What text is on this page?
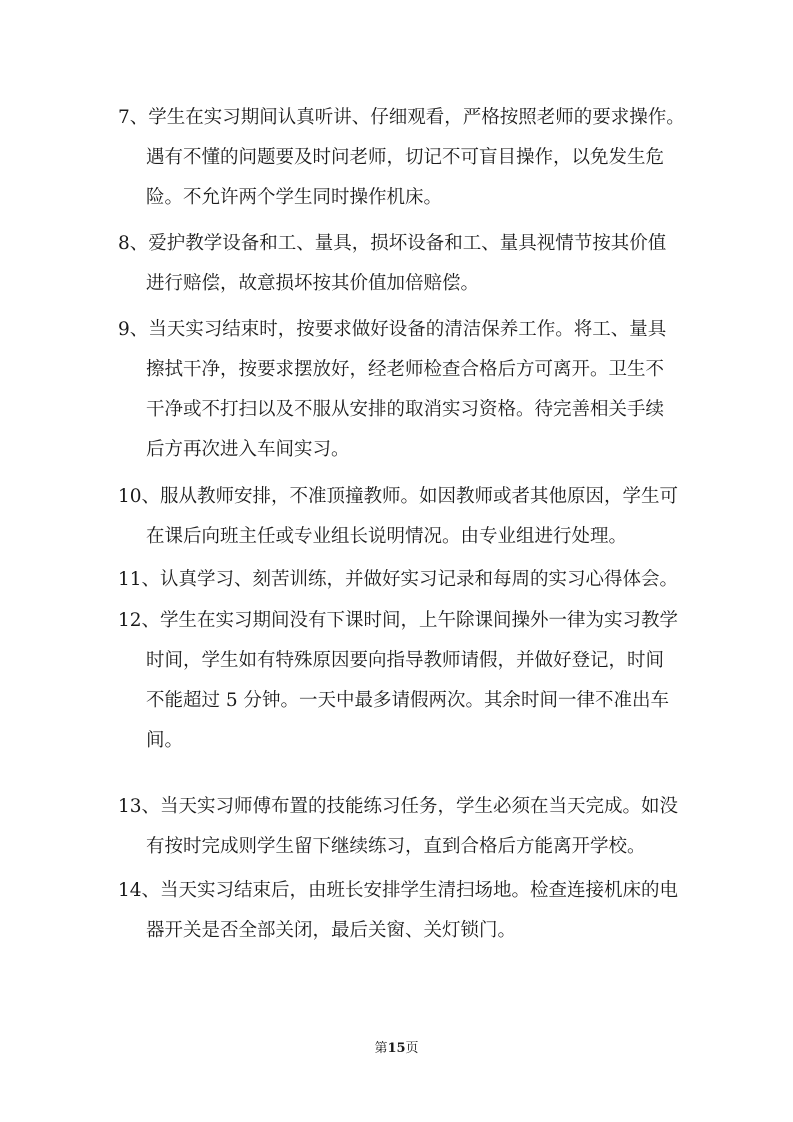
7、学生在实习期间认真听讲、仔细观看，严格按照老师的要求操作。
遇有不懂的问题要及时问老师，切记不可盲目操作，以免发生危
险。不允许两个学生同时操作机床。
8、爱护教学设备和工、量具，损坏设备和工、量具视情节按其价值
进行赔偿，故意损坏按其价值加倍赔偿。
9、当天实习结束时，按要求做好设备的清洁保养工作。将工、量具
擦拭干净，按要求摆放好，经老师检查合格后方可离开。卫生不
干净或不打扫以及不服从安排的取消实习资格。待完善相关手续
后方再次进入车间实习。
10、服从教师安排，不准顶撞教师。如因教师或者其他原因，学生可
在课后向班主任或专业组长说明情况。由专业组进行处理。
11、认真学习、刻苦训练，并做好实习记录和每周的实习心得体会。
12、学生在实习期间没有下课时间，上午除课间操外一律为实习教学
时间，学生如有特殊原因要向指导教师请假，并做好登记，时间
不能超过 5 分钟。一天中最多请假两次。其余时间一律不准出车
间。
13、当天实习师傅布置的技能练习任务，学生必须在当天完成。如没
有按时完成则学生留下继续练习，直到合格后方能离开学校。
14、当天实习结束后，由班长安排学生清扫场地。检查连接机床的电
器开关是否全部关闭，最后关窗、关灯锁门。
第15页
